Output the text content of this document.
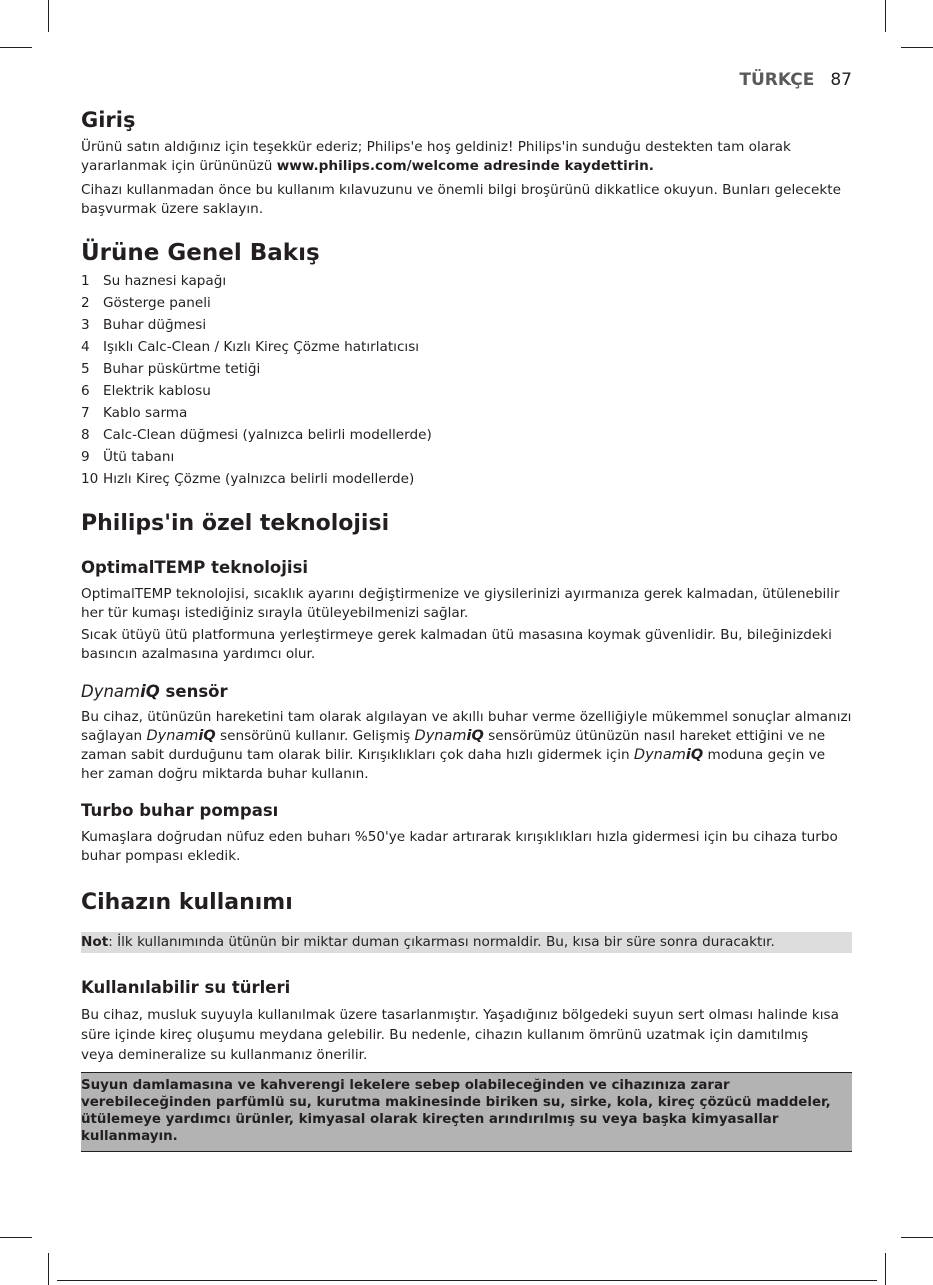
TÜRKÇE 87
Giriş

Ürünü satın aldığınız için teşekkür ederiz; Philips'e hoş geldiniz! Philips'in sunduğu destekten tam olarak yararlanmak için ürününüzü www.philips.com/welcome adresinde kaydettirin.

Cihazı kullanmadan önce bu kullanım kılavuzunu ve önemli bilgi broşürünü dikkatlice okuyun. Bunları gelecekte başvurmak üzere saklayın.

Ürüne Genel Bakış
1 Su haznesi kapağı
2 Gösterge paneli
3 Buhar düğmesi
4 Işıklı Calc-Clean / Kızlı Kireç Çözme hatırlatıcısı
5 Buhar püskürtme tetiği
6 Elektrik kablosu
7 Kablo sarma
8 Calc-Clean düğmesi (yalnızca belirli modellerde)
9 Ütü tabanı
10 Hızlı Kireç Çözme (yalnızca belirli modellerde)
Philips'in özel teknolojisi
OptimalTEMP teknolojisi

OptimalTEMP teknolojisi, sıcaklık ayarını değiştirmenize ve giysilerinizi ayırmanıza gerek kalmadan, ütülenebilir her tür kumaşı istediğiniz sırayla ütüleyebilmenizi sağlar.

Sıcak ütüyü ütü platformuna yerleştirmeye gerek kalmadan ütü masasına koymak güvenlidir. Bu, bileğinizdeki basıncın azalmasına yardımcı olur.

DynamiQ sensör

Bu cihaz, ütünüzün hareketini tam olarak algılayan ve akıllı buhar verme özelliğiyle mükemmel sonuçlar almanızı sağlayan DynamiQ sensörünü kullanır. Gelişmiş DynamiQ sensörümüz ütünüzün nasıl hareket ettiğini ve ne zaman sabit durduğunu tam olarak bilir. Kırışıklıkları çok daha hızlı gidermek için DynamiQ moduna geçin ve her zaman doğru miktarda buhar kullanın.

Turbo buhar pompası

Kumaşlara doğrudan nüfuz eden buharı %50'ye kadar artırarak kırışıklıkları hızla gidermesi için bu cihaza turbo buhar pompası ekledik.

Cihazın kullanımı
Not: İlk kullanımında ütünün bir miktar duman çıkarması normaldir. Bu, kısa bir süre sonra duracaktır.
Kullanılabilir su türleri

Bu cihaz, musluk suyuyla kullanılmak üzere tasarlanmıştır. Yaşadığınız bölgedeki suyun sert olması halinde kısa süre içinde kireç oluşumu meydana gelebilir. Bu nedenle, cihazın kullanım ömrünü uzatmak için damıtılmış veya demineralize su kullanmanız önerilir.

Suyun damlamasına ve kahverengi lekelere sebep olabileceğinden ve cihazınıza zarar verebileceğinden parfümlü su, kurutma makinesinde biriken su, sirke, kola, kireç çözücü maddeler, ütülemeye yardımcı ürünler, kimyasal olarak kireçten arındırılmış su veya başka kimyasallar kullanmayın.
